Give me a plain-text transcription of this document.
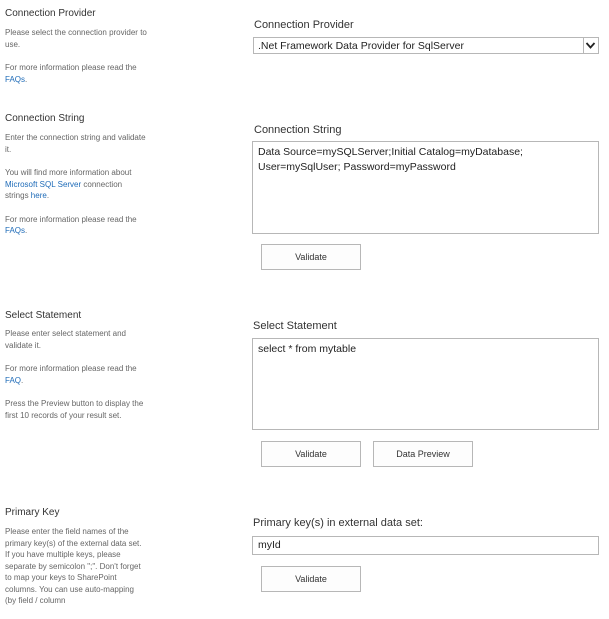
Connection Provider

Please select the connection provider to use.

For more information please read the FAQs.

Connection Provider
.Net Framework Data Provider for SqlServer
Connection String

Enter the connection string and validate it.

You will find more information about Microsoft SQL Server connection strings here.

For more information please read the FAQs.

Connection String
Data Source=mySQLServer;Initial Catalog=myDatabase;
User=mySqlUser; Password=myPassword
Validate
Select Statement

Please enter select statement and validate it.

For more information please read the FAQ.

Press the Preview button to display the first 10 records of your result set.

Select Statement
select * from mytable
Validate	Data Preview
Primary Key

Please enter the field names of the primary key(s) of the external data set. If you have multiple keys, please separate by semicolon ";". Don't forget to map your keys to SharePoint columns. You can use auto-mapping (by field / column

Primary key(s) in external data set:
myId
Validate
